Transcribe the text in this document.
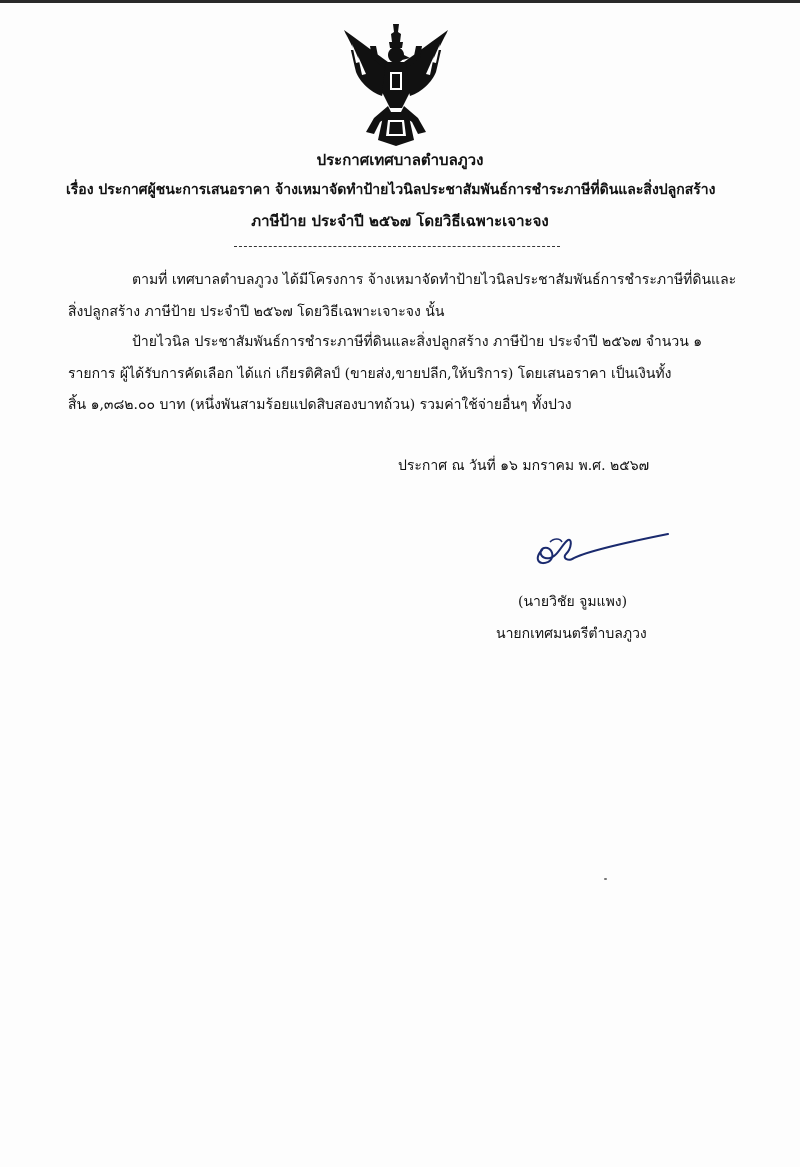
ประกาศเทศบาลตำบลภูวง
เรื่อง ประกาศผู้ชนะการเสนอราคา จ้างเหมาจัดทำป้ายไวนิลประชาสัมพันธ์การชำระภาษีที่ดินและสิ่งปลูกสร้าง
ภาษีป้าย ประจำปี ๒๕๖๗ โดยวิธีเฉพาะเจาะจง
ตามที่ เทศบาลตำบลภูวง ได้มีโครงการ จ้างเหมาจัดทำป้ายไวนิลประชาสัมพันธ์การชำระภาษีที่ดินและ
สิ่งปลูกสร้าง ภาษีป้าย ประจำปี ๒๕๖๗ โดยวิธีเฉพาะเจาะจง นั้น
ป้ายไวนิล ประชาสัมพันธ์การชำระภาษีที่ดินและสิ่งปลูกสร้าง ภาษีป้าย ประจำปี ๒๕๖๗ จำนวน ๑
รายการ ผู้ได้รับการคัดเลือก ได้แก่ เกียรติศิลป์ (ขายส่ง,ขายปลีก,ให้บริการ) โดยเสนอราคา เป็นเงินทั้ง
สิ้น ๑,๓๘๒.๐๐ บาท (หนึ่งพันสามร้อยแปดสิบสองบาทถ้วน) รวมค่าใช้จ่ายอื่นๆ ทั้งปวง
ประกาศ ณ วันที่ ๑๖ มกราคม พ.ศ. ๒๕๖๗
(นายวิชัย จูมแพง)
นายกเทศมนตรีตำบลภูวง
